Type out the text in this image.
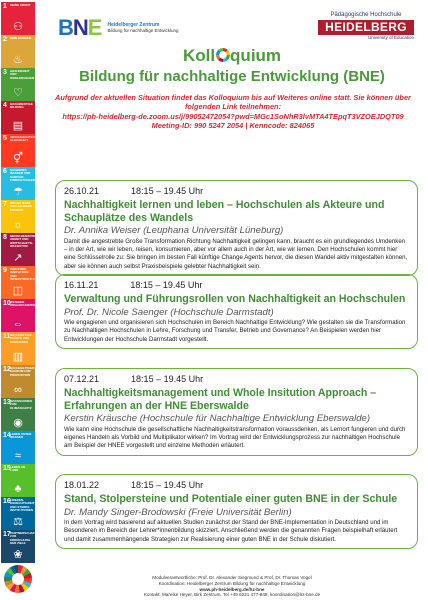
1 KEINE ARMUT
⚇
2 KEIN HUNGER
♨
3 GESUNDHEIT UND WOHLERGEHEN
♡
4 HOCHWERTIGE BILDUNG
▤
5 GESCHLECHTER-GLEICHHEIT
⚥
6 SAUBERES WASSER UND SANITÄR-EINRICHTUNGEN
☂
7 BEZAHLBARE UND SAUBERE ENERGIE
☼
8 MENSCHENWÜRDIGE ARBEIT UND WIRTSCHAFTS-WACHSTUM
↗
9 INDUSTRIE, INNOVATION UND INFRASTRUKTUR
◫
10 WENIGER UNGLEICHHEITEN
⇔
11 NACHHALTIGE STÄDTE UND GEMEINDEN
▥
12 NACHHALTIGE/R KONSUM UND PRODUKTION
∞
13 MASSNAHMEN ZUM KLIMASCHUTZ
◉
14 LEBEN UNTER WASSER
≈
15 LEBEN AN LAND
♣
16 FRIEDEN, GERECHTIGKEIT UND STARKE INSTITUTIONEN
⚖
17 PARTNERSCHAFTEN ZUR ERREICHUNG DER ZIELE
❀
BNE Heidelberger Zentrum
Bildung für nachhaltige Entwicklung
Pädagogische Hochschule
HEIDELBERG
University of Education
Koll quium
Bildung für nachhaltige Entwicklung (BNE)
Aufgrund der aktuellen Situation findet das Kolloquium bis auf Weiteres online statt. Sie können über folgenden Link teilnehmen:
https://ph-heidelberg-de.zoom.us/j/99052472054?pwd=MGc1SoNhR3lvMTA4TEpqT3VZOEJDQT09
Meeting-ID: 990 5247 2054 | Kenncode: 824065
26.10.21	18:15 – 19.45 Uhr
Nachhaltigkeit lernen und leben – Hochschulen als Akteure und Schauplätze des Wandels
Dr. Annika Weiser (Leuphana Universität Lüneburg)
Damit die angestrebte Große Transformation Richtung Nachhaltigkeit gelingen kann, braucht es ein grundlegendes Umdenken – in der Art, wie wir leben, reisen, konsumieren, aber vor allem auch in der Art, wie wir lernen. Den Hochschulen kommt hier eine Schlüsselrolle zu: Sie bringen im besten Fall künftige Change Agents hervor, die diesen Wandel aktiv mitgestalten können, aber sie können auch selbst Praxisbeispiele gelebter Nachhaltigkeit sein.
16.11.21	18:15 – 19.45 Uhr
Verwaltung und Führungsrollen von Nachhaltigkeit an Hochschulen
Prof. Dr. Nicole Saenger (Hochschule Darmstadt)
Wie engagieren und organisieren sich Hochschulen im Bereich Nachhaltige Entwicklung? Wie gestalten sie die Transformation zu Nachhaltigen Hochschulen in Lehre, Forschung und Transfer, Betrieb und Governance? An Beispielen werden hier Entwicklungen der Hochschule Darmstadt vorgestellt.
07.12.21	18:15 – 19.45 Uhr
Nachhaltigkeitsmanagement und Whole Insitution Approach – Erfahrungen an der HNE Eberswalde
Kerstin Kräusche (Hochschule für Nachhaltige Entwicklung Eberswalde)
Wie kann eine Hochschule die gesellschaftliche Nachhaltigkeitstransformation voraussdenken, als Lernort fungieren und durch eigenes Handeln als Vorbild und Multiplikator wirken? Im Vortrag wird der Entwicklungsprozess zur nachhaltigen Hochschule am Beispiel der HNEE vorgestellt und einzelne Methoden erläutert.
18.01.22	18:15 – 19.45 Uhr
Stand, Stolpersteine und Potentiale einer guten BNE in der Schule
Dr. Mandy Singer-Brodowski (Freie Universität Berlin)
In dem Vortrag wird basierend auf aktuellen Studien zunächst der Stand der BNE-Implementation in Deutschland und im Besonderen im Bereich der Lehrer*innenbildung skizziert. Anschließend werden die genannten Fragen beispielhaft erläutert und damit zusammenhängende Strategien zur Realisierung einer guten BNE in der Schule diskutiert.
Modulverantwortliche: Prof. Dr. Alexander Siegmund & Prof. Dr. Thomas Vogel
Koordination: Heidelberger Zentrum Bildung für nachhaltige Entwicklung
www.ph-heidelberg.de/hz-bne
Kontakt: Mareike Heyer, Birk Zentrum, Tel +49 6221 477-848, koordination@hz-bne.de
